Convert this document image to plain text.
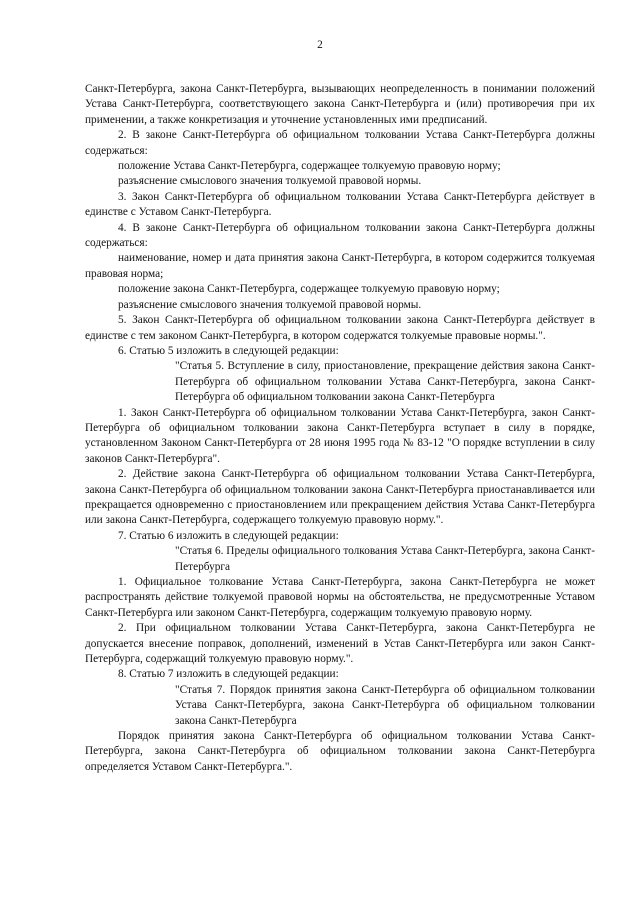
2

Санкт-Петербурга, закона Санкт-Петербурга, вызывающих неопределенность в понимании положений Устава Санкт-Петербурга, соответствующего закона Санкт-Петербурга и (или) противоречия при их применении, а также конкретизация и уточнение установленных ими предписаний.

2. В законе Санкт-Петербурга об официальном толковании Устава Санкт-Петербурга должны содержаться:

положение Устава Санкт-Петербурга, содержащее толкуемую правовую норму;

разъяснение смыслового значения толкуемой правовой нормы.

3. Закон Санкт-Петербурга об официальном толковании Устава Санкт-Петербурга действует в единстве с Уставом Санкт-Петербурга.

4. В законе Санкт-Петербурга об официальном толковании закона Санкт-Петербурга должны содержаться:

наименование, номер и дата принятия закона Санкт-Петербурга, в котором содержится толкуемая правовая норма;

положение закона Санкт-Петербурга, содержащее толкуемую правовую норму;

разъяснение смыслового значения толкуемой правовой нормы.

5. Закон Санкт-Петербурга об официальном толковании закона Санкт-Петербурга действует в единстве с тем законом Санкт-Петербурга, в котором содержатся толкуемые правовые нормы.".

6. Статью 5 изложить в следующей редакции:

"Статья 5. Вступление в силу, приостановление, прекращение действия закона Санкт-Петербурга об официальном толковании Устава Санкт-Петербурга, закона Санкт-Петербурга об официальном толковании закона Санкт-Петербурга

1. Закон Санкт-Петербурга об официальном толковании Устава Санкт-Петербурга, закон Санкт-Петербурга об официальном толковании закона Санкт-Петербурга вступает в силу в порядке, установленном Законом Санкт-Петербурга от 28 июня 1995 года № 83-12 "О порядке вступлении в силу законов Санкт-Петербурга".

2. Действие закона Санкт-Петербурга об официальном толковании Устава Санкт-Петербурга, закона Санкт-Петербурга об официальном толковании закона Санкт-Петербурга приостанавливается или прекращается одновременно с приостановлением или прекращением действия Устава Санкт-Петербурга или закона Санкт-Петербурга, содержащего толкуемую правовую норму.".

7. Статью 6 изложить в следующей редакции:

"Статья 6. Пределы официального толкования Устава Санкт-Петербурга, закона Санкт-Петербурга

1. Официальное толкование Устава Санкт-Петербурга, закона Санкт-Петербурга не может распространять действие толкуемой правовой нормы на обстоятельства, не предусмотренные Уставом Санкт-Петербурга или законом Санкт-Петербурга, содержащим толкуемую правовую норму.

2. При официальном толковании Устава Санкт-Петербурга, закона Санкт-Петербурга не допускается внесение поправок, дополнений, изменений в Устав Санкт-Петербурга или закон Санкт-Петербурга, содержащий толкуемую правовую норму.".

8. Статью 7 изложить в следующей редакции:

"Статья 7. Порядок принятия закона Санкт-Петербурга об официальном толковании Устава Санкт-Петербурга, закона Санкт-Петербурга об официальном толковании закона Санкт-Петербурга

Порядок принятия закона Санкт-Петербурга об официальном толковании Устава Санкт-Петербурга, закона Санкт-Петербурга об официальном толковании закона Санкт-Петербурга определяется Уставом Санкт-Петербурга.".
